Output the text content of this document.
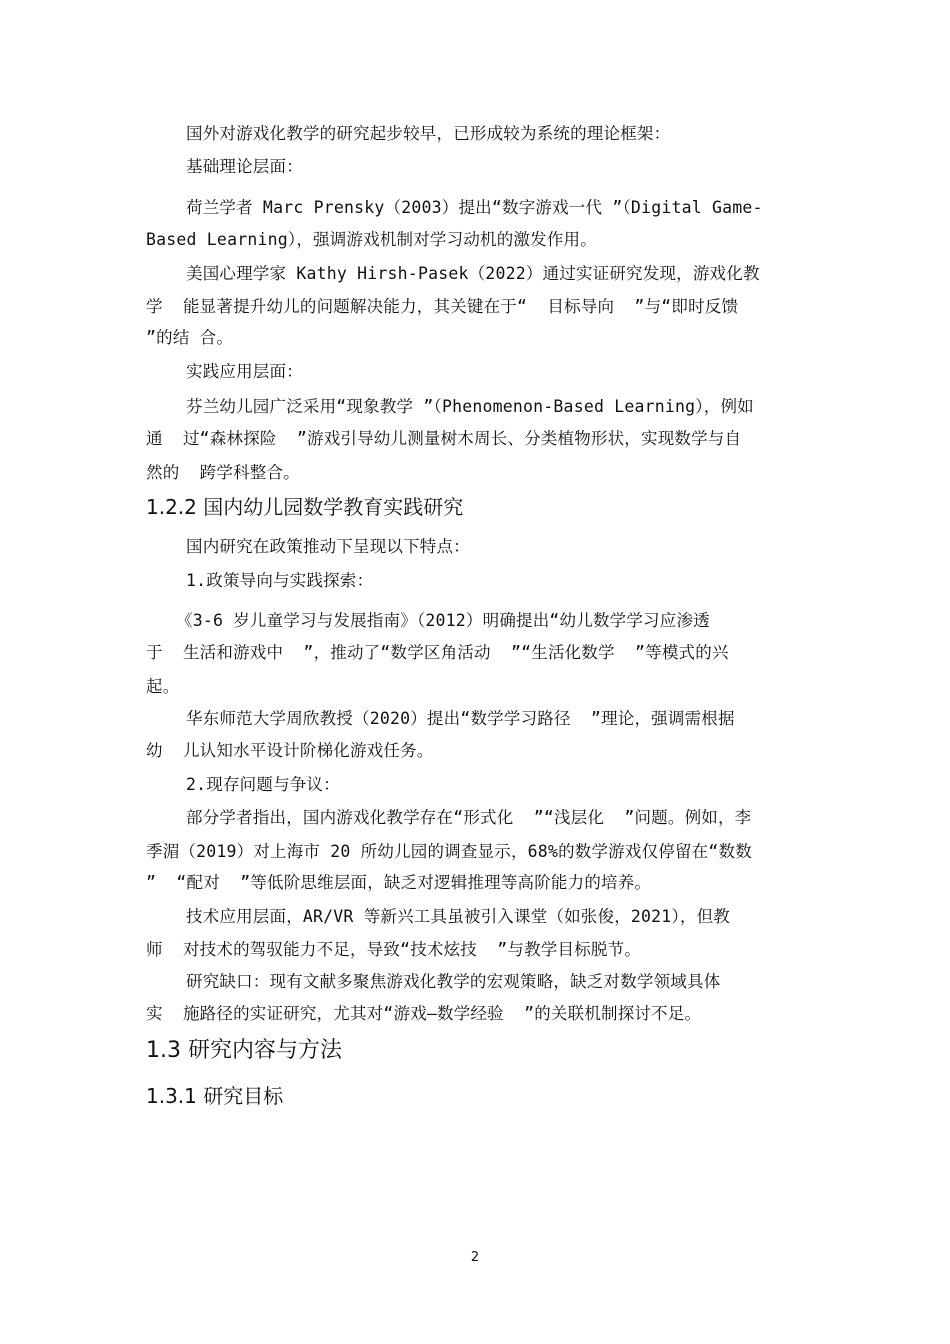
国外对游戏化教学的研究起步较早，已形成较为系统的理论框架：
基础理论层面：
荷兰学者 Marc Prensky（2003）提出“数字游戏一代 ”（Digital Game-
Based Learning），强调游戏机制对学习动机的激发作用。
美国心理学家 Kathy Hirsh-Pasek（2022）通过实证研究发现，游戏化教
学  能显著提升幼儿的问题解决能力，其关键在于“  目标导向  ”与“即时反馈
”的结 合。
实践应用层面：
芬兰幼儿园广泛采用“现象教学 ”（Phenomenon-Based Learning），例如
通  过“森林探险  ”游戏引导幼儿测量树木周长、分类植物形状，实现数学与自
然的  跨学科整合。
1.2.2 国内幼儿园数学教育实践研究
国内研究在政策推动下呈现以下特点：
1.政策导向与实践探索：
《3-6 岁儿童学习与发展指南》（2012）明确提出“幼儿数学学习应渗透
于  生活和游戏中  ”，推动了“数学区角活动  ”“生活化数学  ”等模式的兴
起。
华东师范大学周欣教授（2020）提出“数学学习路径  ”理论，强调需根据
幼  儿认知水平设计阶梯化游戏任务。
2.现存问题与争议：
部分学者指出，国内游戏化教学存在“形式化  ”“浅层化  ”问题。例如，李
季湄（2019）对上海市 20 所幼儿园的调查显示，68%的数学游戏仅停留在“数数
”  “配对  ”等低阶思维层面，缺乏对逻辑推理等高阶能力的培养。
技术应用层面，AR/VR 等新兴工具虽被引入课堂（如张俊，2021），但教
师  对技术的驾驭能力不足，导致“技术炫技  ”与教学目标脱节。
研究缺口：现有文献多聚焦游戏化教学的宏观策略，缺乏对数学领域具体
实  施路径的实证研究，尤其对“游戏—数学经验  ”的关联机制探讨不足。
1.3 研究内容与方法
1.3.1 研究目标
2
